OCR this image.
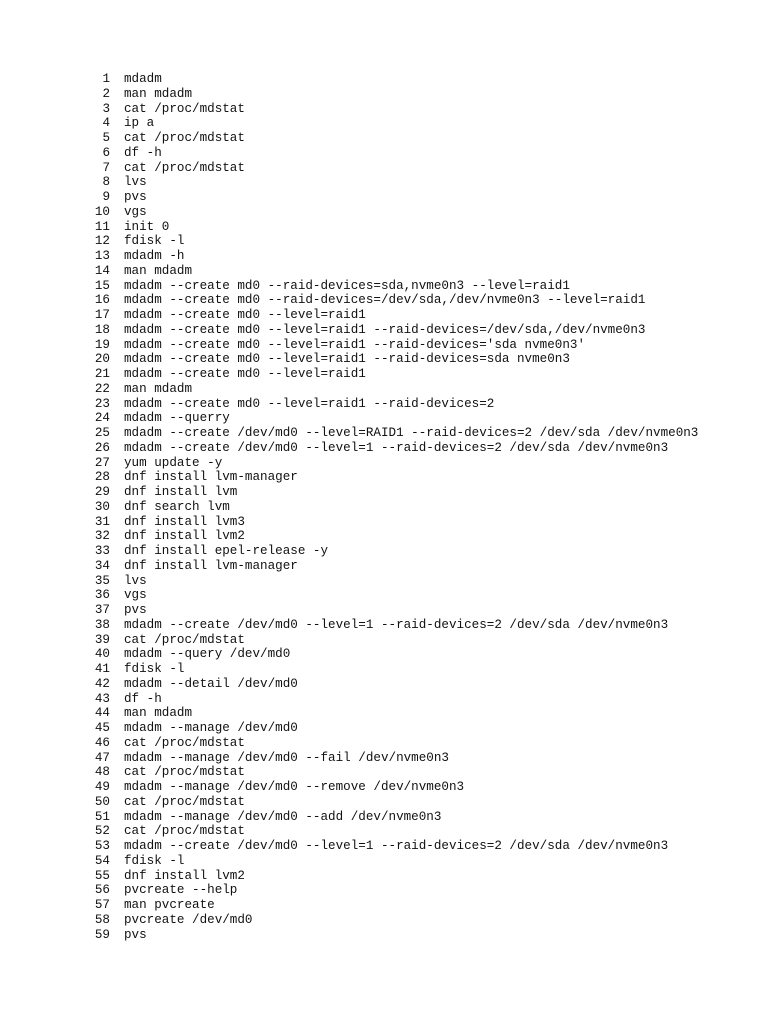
1 mdadm
2 man mdadm
3 cat /proc/mdstat
4 ip a
5 cat /proc/mdstat
6 df -h
7 cat /proc/mdstat
8 lvs
9 pvs
10 vgs
11 init 0
12 fdisk -l
13 mdadm -h
14 man mdadm
15 mdadm --create md0 --raid-devices=sda,nvme0n3 --level=raid1
16 mdadm --create md0 --raid-devices=/dev/sda,/dev/nvme0n3 --level=raid1
17 mdadm --create md0 --level=raid1
18 mdadm --create md0 --level=raid1 --raid-devices=/dev/sda,/dev/nvme0n3
19 mdadm --create md0 --level=raid1 --raid-devices='sda nvme0n3'
20 mdadm --create md0 --level=raid1 --raid-devices=sda nvme0n3
21 mdadm --create md0 --level=raid1
22 man mdadm
23 mdadm --create md0 --level=raid1 --raid-devices=2
24 mdadm --querry
25 mdadm --create /dev/md0 --level=RAID1 --raid-devices=2 /dev/sda /dev/nvme0n3
26 mdadm --create /dev/md0 --level=1 --raid-devices=2 /dev/sda /dev/nvme0n3
27 yum update -y
28 dnf install lvm-manager
29 dnf install lvm
30 dnf search lvm
31 dnf install lvm3
32 dnf install lvm2
33 dnf install epel-release -y
34 dnf install lvm-manager
35 lvs
36 vgs
37 pvs
38 mdadm --create /dev/md0 --level=1 --raid-devices=2 /dev/sda /dev/nvme0n3
39 cat /proc/mdstat
40 mdadm --query /dev/md0
41 fdisk -l
42 mdadm --detail /dev/md0
43 df -h
44 man mdadm
45 mdadm --manage /dev/md0
46 cat /proc/mdstat
47 mdadm --manage /dev/md0 --fail /dev/nvme0n3
48 cat /proc/mdstat
49 mdadm --manage /dev/md0 --remove /dev/nvme0n3
50 cat /proc/mdstat
51 mdadm --manage /dev/md0 --add /dev/nvme0n3
52 cat /proc/mdstat
53 mdadm --create /dev/md0 --level=1 --raid-devices=2 /dev/sda /dev/nvme0n3
54 fdisk -l
55 dnf install lvm2
56 pvcreate --help
57 man pvcreate
58 pvcreate /dev/md0
59 pvs
